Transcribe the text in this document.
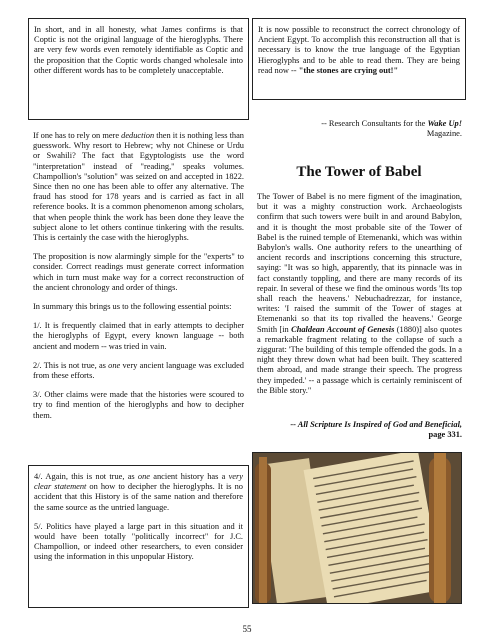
In short, and in all honesty, what James confirms is that Coptic is not the original language of the hieroglyphs. There are very few words even remotely identifiable as Coptic and the proposition that the Coptic words changed wholesale into other different words has to be completely unacceptable.

If one has to rely on mere deduction then it is nothing less than guesswork. Why resort to Hebrew; why not Chinese or Urdu or Swahili? The fact that Egyptologists use the word "interpretation" instead of "reading," speaks volumes. Champollion's "solution" was seized on and accepted in 1822. Since then no one has been able to offer any alternative. The fraud has stood for 178 years and is carried as fact in all reference books. It is a common phenomenon among scholars, that when people think the work has been done they leave the subject alone to let others continue tinkering with the results. This is certainly the case with the hieroglyphs.

The proposition is now alarmingly simple for the "experts" to consider. Correct readings must generate correct information which in turn must make way for a correct reconstruction of the ancient chronology and order of things.

In summary this brings us to the following essential points:

1/. It is frequently claimed that in early attempts to decipher the hieroglyphs of Egypt, every known language -- both ancient and modern -- was tried in vain.

2/. This is not true, as one very ancient language was excluded from these efforts.

3/. Other claims were made that the histories were scoured to try to find mention of the hieroglyphs and how to decipher them.

4/. Again, this is not true, as one ancient history has a very clear statement on how to decipher the hieroglyphs. It is no accident that this History is of the same nation and therefore the same source as the untried language.

5/. Politics have played a large part in this situation and it would have been totally "politically incorrect" for J.C. Champollion, or indeed other researchers, to even consider using the information in this unpopular History.

It is now possible to reconstruct the correct chronology of Ancient Egypt. To accomplish this reconstruction all that is necessary is to know the true language of the Egyptian Hieroglyphs and to be able to read them. They are being read now -- "the stones are crying out!"

-- Research Consultants for the Wake Up!
Magazine.
The Tower of Babel

The Tower of Babel is no mere figment of the imagination, but it was a mighty construction work. Archaeologists confirm that such towers were built in and around Babylon, and it is thought the most probable site of the Tower of Babel is the ruined temple of Etemenanki, which was within Babylon's walls. One authority refers to the unearthing of ancient records and inscriptions concerning this structure, saying: "It was so high, apparently, that its pinnacle was in fact constantly toppling, and there are many records of its repair. In several of these we find the ominous words 'Its top shall reach the heavens.' Nebuchadrezzar, for instance, writes: 'I raised the summit of the Tower of stages at Etemenanki so that its top rivalled the heavens.' George Smith [in Chaldean Account of Genesis (1880)] also quotes a remarkable fragment relating to the collapse of such a ziggurat: 'The building of this temple offended the gods. In a night they threw down what had been built. They scattered them abroad, and made strange their speech. The progress they impeded.' -- a passage which is certainly reminiscent of the Bible story."

-- All Scripture Is Inspired of God and Beneficial,
page 331.
55
